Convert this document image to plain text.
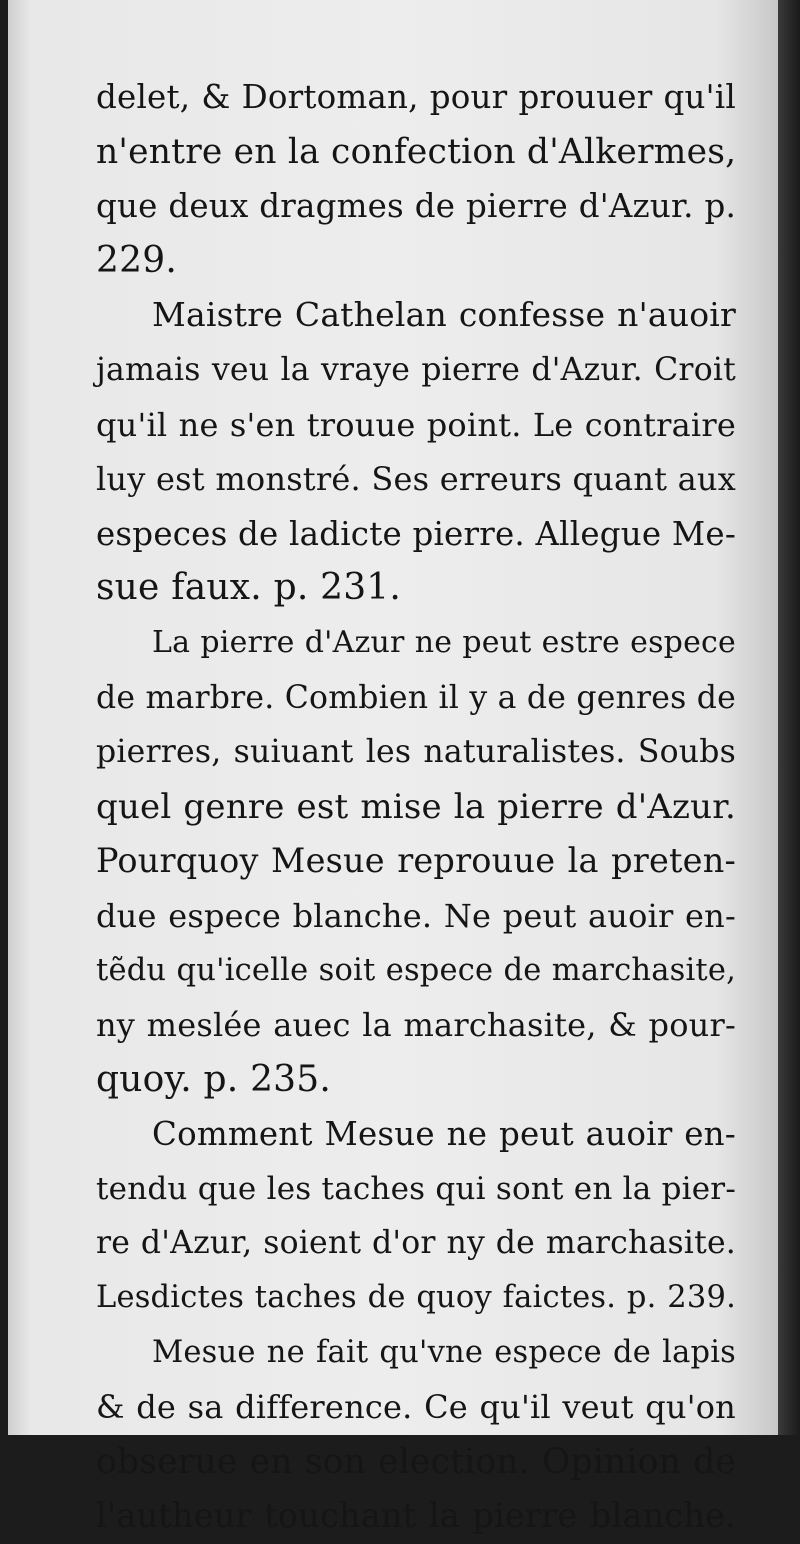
delet, & Dortoman, pour prouuer qu'il
n'entre en la confection d'Alkermes,
que deux dragmes de pierre d'Azur. p.
229.
Maistre Cathelan confesse n'auoir
jamais veu la vraye pierre d'Azur. Croit
qu'il ne s'en trouue point. Le contraire
luy est monstré. Ses erreurs quant aux
especes de ladicte pierre. Allegue Me-
sue faux. p. 231.
La pierre d'Azur ne peut estre espece
de marbre. Combien il y a de genres de
pierres, suiuant les naturalistes. Soubs
quel genre est mise la pierre d'Azur.
Pourquoy Mesue reprouue la preten-
due espece blanche. Ne peut auoir en-
tẽdu qu'icelle soit espece de marchasite,
ny meslée auec la marchasite, & pour-
quoy. p. 235.
Comment Mesue ne peut auoir en-
tendu que les taches qui sont en la pier-
re d'Azur, soient d'or ny de marchasite.
Lesdictes taches de quoy faictes. p. 239.
Mesue ne fait qu'vne espece de lapis
& de sa difference. Ce qu'il veut qu'on
obserue en son election. Opinion de
l'autheur touchant la pierre blanche.
